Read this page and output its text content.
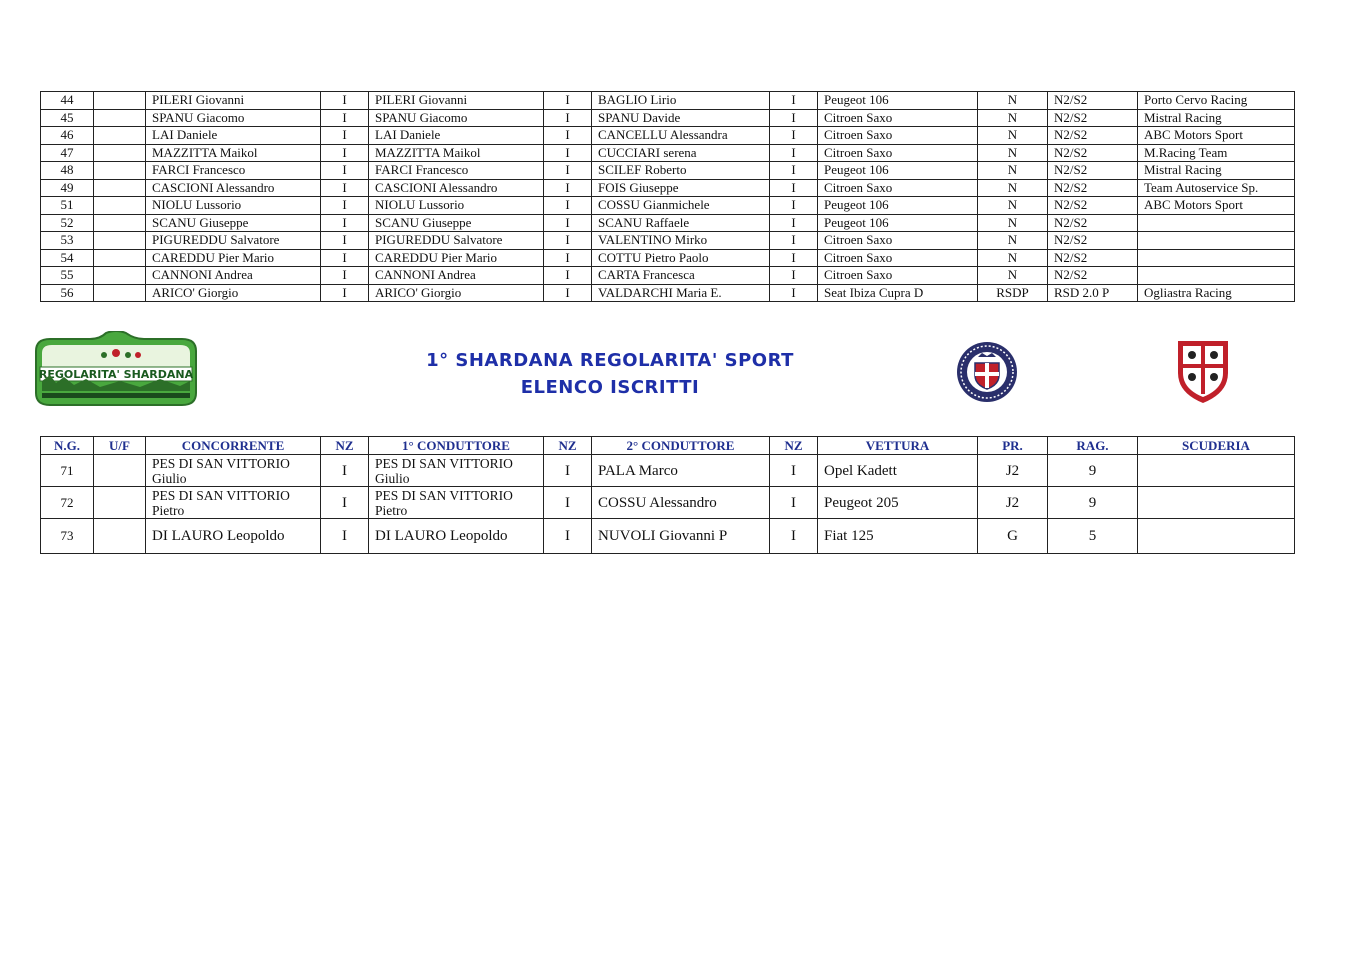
44		PILERI Giovanni	I	PILERI Giovanni	I	BAGLIO Lirio	I	Peugeot 106	N	N2/S2	Porto Cervo Racing
45		SPANU Giacomo	I	SPANU Giacomo	I	SPANU Davide	I	Citroen Saxo	N	N2/S2	Mistral Racing
46		LAI Daniele	I	LAI Daniele	I	CANCELLU Alessandra	I	Citroen Saxo	N	N2/S2	ABC Motors Sport
47		MAZZITTA Maikol	I	MAZZITTA Maikol	I	CUCCIARI serena	I	Citroen Saxo	N	N2/S2	M.Racing Team
48		FARCI Francesco	I	FARCI Francesco	I	SCILEF Roberto	I	Peugeot 106	N	N2/S2	Mistral Racing
49		CASCIONI Alessandro	I	CASCIONI Alessandro	I	FOIS Giuseppe	I	Citroen Saxo	N	N2/S2	Team Autoservice Sp.
51		NIOLU Lussorio	I	NIOLU Lussorio	I	COSSU Gianmichele	I	Peugeot 106	N	N2/S2	ABC Motors Sport
52		SCANU Giuseppe	I	SCANU Giuseppe	I	SCANU Raffaele	I	Peugeot 106	N	N2/S2	
53		PIGUREDDU Salvatore	I	PIGUREDDU Salvatore	I	VALENTINO Mirko	I	Citroen Saxo	N	N2/S2	
54		CAREDDU Pier Mario	I	CAREDDU Pier Mario	I	COTTU Pietro Paolo	I	Citroen Saxo	N	N2/S2	
55		CANNONI Andrea	I	CANNONI Andrea	I	CARTA Francesca	I	Citroen Saxo	N	N2/S2	
56		ARICO' Giorgio	I	ARICO' Giorgio	I	VALDARCHI Maria E.	I	Seat Ibiza Cupra D	RSDP	RSD 2.0 P	Ogliastra Racing
REGOLARITA' SHARDANA
1° SHARDANA REGOLARITA' SPORT
ELENCO ISCRITTI
N.G.	U/F	CONCORRENTE	NZ	1° CONDUTTORE	NZ	2° CONDUTTORE	NZ	VETTURA	PR.	RAG.	SCUDERIA
71		PES DI SAN VITTORIO Giulio	I	PES DI SAN VITTORIO Giulio	I	PALA Marco	I	Opel Kadett	J2	9	
72		PES DI SAN VITTORIO Pietro	I	PES DI SAN VITTORIO Pietro	I	COSSU Alessandro	I	Peugeot 205	J2	9	
73		DI LAURO Leopoldo	I	DI LAURO Leopoldo	I	NUVOLI Giovanni P	I	Fiat 125	G	5	
